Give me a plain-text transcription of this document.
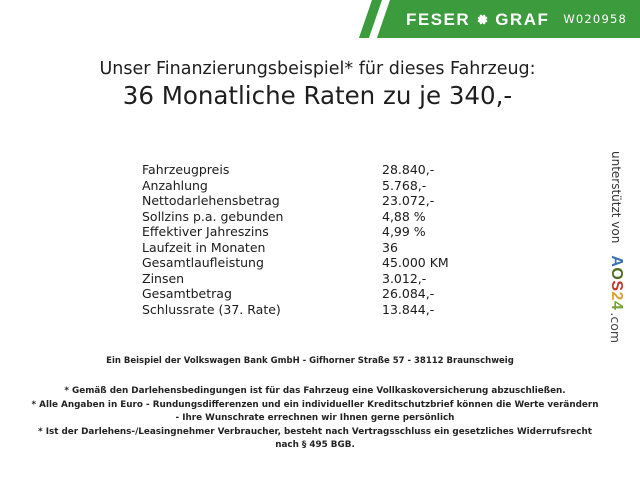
FESER GRAF W020958
Unser Finanzierungsbeispiel* für dieses Fahrzeug:
36 Monatliche Raten zu je 340,-
Fahrzeugpreis	28.840,-
Anzahlung	5.768,-
Nettodarlehensbetrag	23.072,-
Sollzins p.a. gebunden	4,88 %
Effektiver Jahreszins	4,99 %
Laufzeit in Monaten	36
Gesamtlaufleistung	45.000 KM
Zinsen	3.012,-
Gesamtbetrag	26.084,-
Schlussrate (37. Rate)	13.844,-
Ein Beispiel der Volkswagen Bank GmbH - Gifhorner Straße 57 - 38112 Braunschweig
* Gemäß den Darlehensbedingungen ist für das Fahrzeug eine Vollkaskoversicherung abzuschließen.
* Alle Angaben in Euro - Rundungsdifferenzen und ein individueller Kreditschutzbrief können die Werte verändern
- Ihre Wunschrate errechnen wir Ihnen gerne persönlich
* Ist der Darlehens-/Leasingnehmer Verbraucher, besteht nach Vertragsschluss ein gesetzliches Widerrufsrecht
nach § 495 BGB.
unterstützt von
AOS24
.com
